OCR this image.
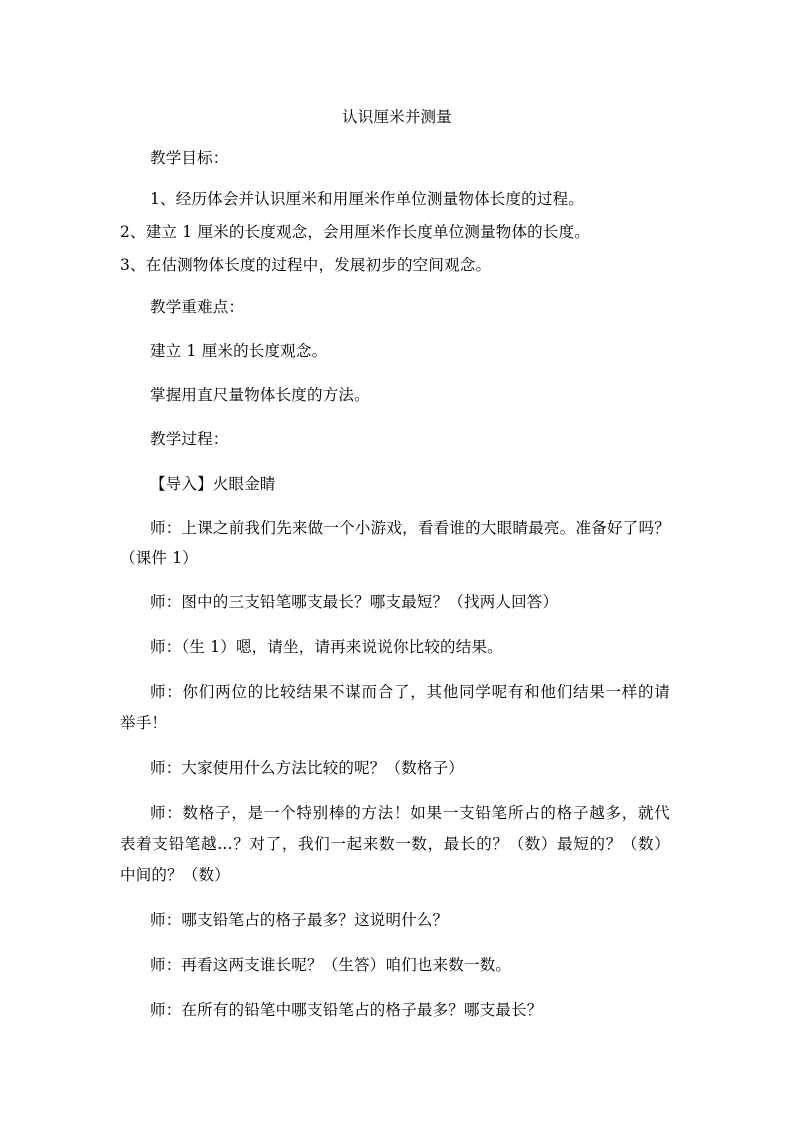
认识厘米并测量
教学目标：
1、经历体会并认识厘米和用厘米作单位测量物体长度的过程。
2、建立 1 厘米的长度观念，会用厘米作长度单位测量物体的长度。
3、在估测物体长度的过程中，发展初步的空间观念。
教学重难点：
建立 1 厘米的长度观念。
掌握用直尺量物体长度的方法。
教学过程：
【导入】火眼金睛
师：上课之前我们先来做一个小游戏，看看谁的大眼睛最亮。准备好了吗？
（课件 1）
师：图中的三支铅笔哪支最长？哪支最短？（找两人回答）
师：（生 1）嗯，请坐，请再来说说你比较的结果。
师：你们两位的比较结果不谋而合了，其他同学呢有和他们结果一样的请
举手！
师：大家使用什么方法比较的呢？（数格子）
师：数格子，是一个特别棒的方法！如果一支铅笔所占的格子越多，就代
表着支铅笔越…？对了，我们一起来数一数，最长的？（数）最短的？（数）
中间的？（数）
师：哪支铅笔占的格子最多？这说明什么？
师：再看这两支谁长呢？（生答）咱们也来数一数。
师：在所有的铅笔中哪支铅笔占的格子最多？哪支最长？
